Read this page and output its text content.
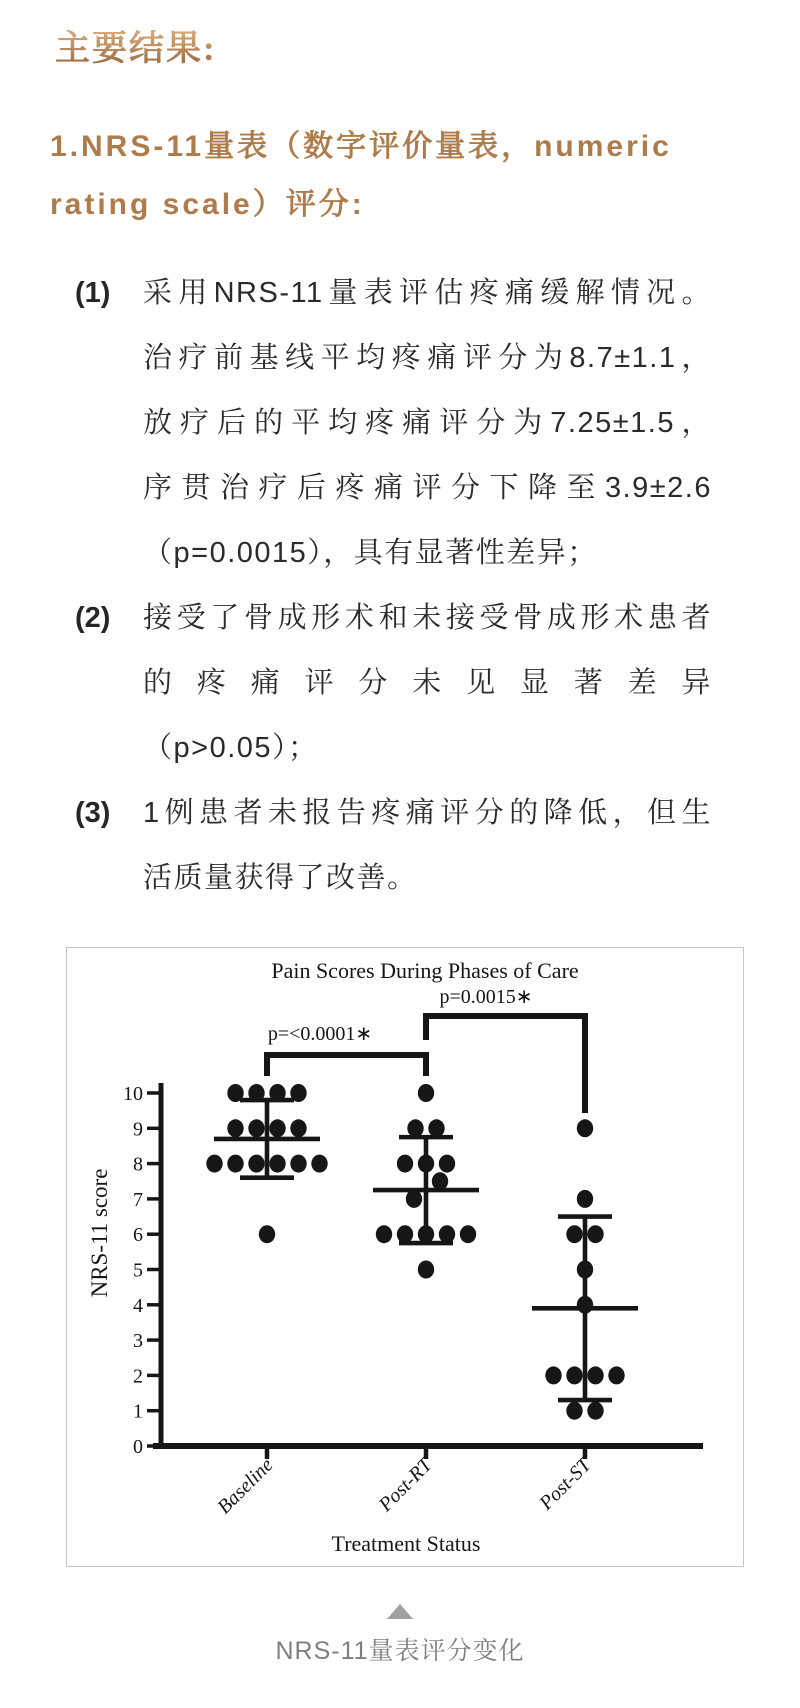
主要结果:
1.NRS-11量表（数字评价量表，numeric
rating scale）评分:
(1)	采用NRS-11量表评估疼痛缓解情况。
治疗前基线平均疼痛评分为8.7±1.1，
放疗后的平均疼痛评分为7.25±1.5，
序贯治疗后疼痛评分下降至3.9±2.6
（p=0.0015），具有显著性差异；
(2)	接受了骨成形术和未接受骨成形术患者
的疼痛评分未见显著差异
（p>0.05）；
(3)	1例患者未报告疼痛评分的降低，但生
活质量获得了改善。
Pain Scores During Phases of Care
0
1
2
3
4
5
6
7
8
9
10
NRS-11 score
Baseline	Post-RT	Post-ST
Treatment Status
p=<0.0001∗
p=0.0015∗
NRS-11量表评分变化
